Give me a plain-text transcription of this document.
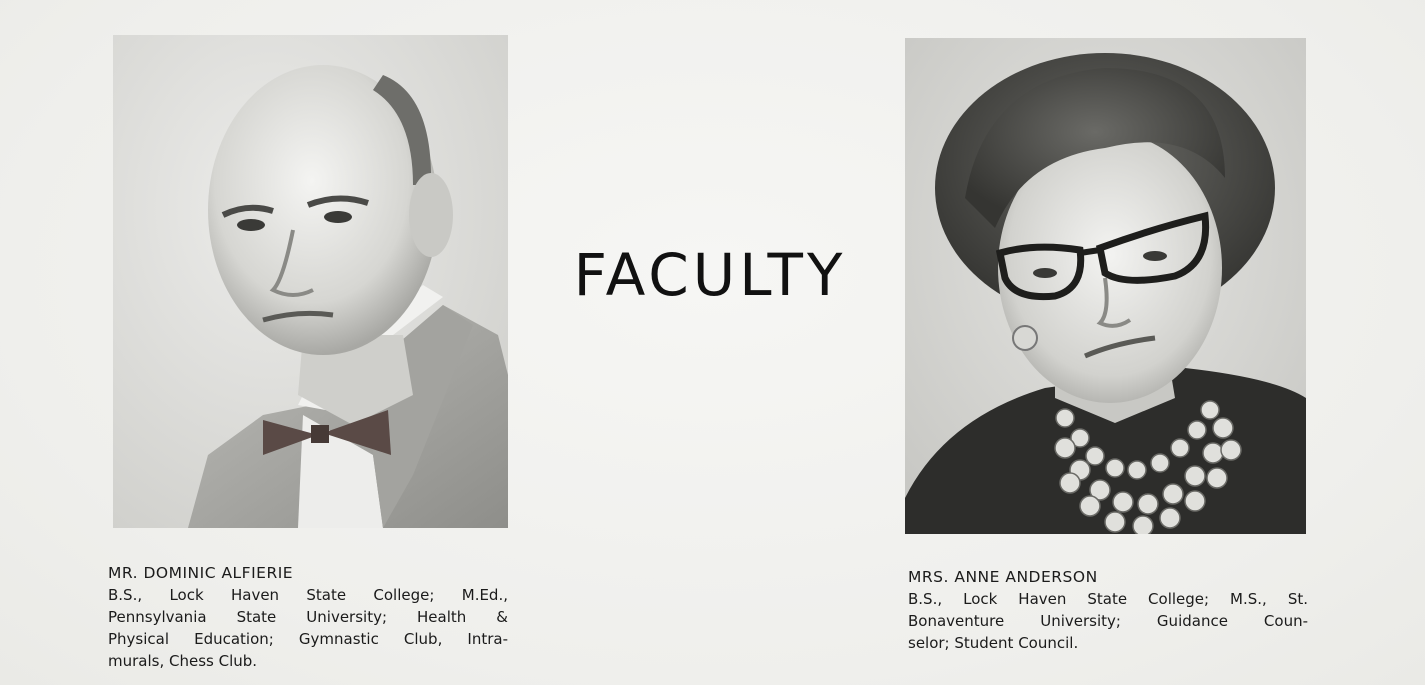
FACULTY
MR. DOMINIC ALFIERIE
B.S., Lock Haven State College; M.Ed.,
Pennsylvania State University; Health &
Physical Education; Gymnastic Club, Intra-
murals, Chess Club.
MRS. ANNE ANDERSON
B.S., Lock Haven State College; M.S., St.
Bonaventure University; Guidance Coun-
selor; Student Council.
